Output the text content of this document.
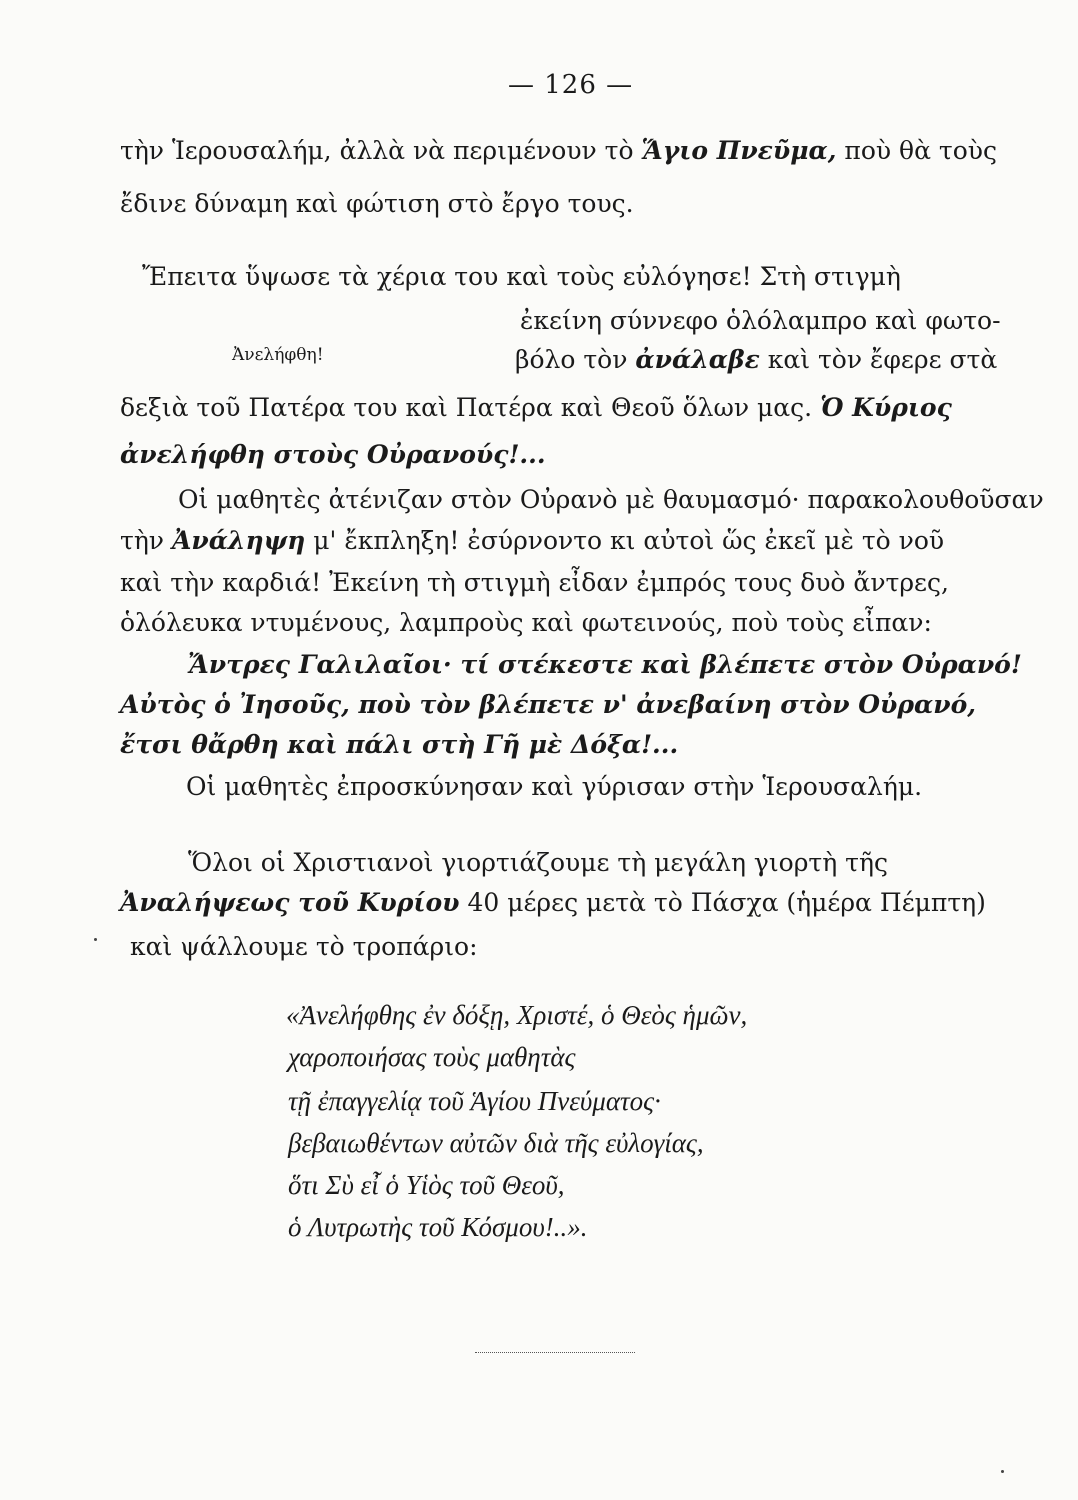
— 126 —
τὴν Ἱερουσαλήμ, ἀλλὰ νὰ περιμένουν τὸ Ἅγιο Πνεῦμα, ποὺ θὰ τοὺς
ἔδινε δύναμη καὶ φώτιση στὸ ἔργο τους.
Ἔπειτα ὕψωσε τὰ χέρια του καὶ τοὺς εὐλόγησε! Στὴ στιγμὴ
ἐκείνη σύννεφο ὁλόλαμπρο καὶ φωτο-
Ἀνελήφθη!	βόλο τὸν ἀνάλαβε καὶ τὸν ἔφερε στὰ
δεξιὰ τοῦ Πατέρα του καὶ Πατέρα καὶ Θεοῦ ὅλων μας. Ὁ Κύριος
ἀνελήφθη στοὺς Οὐρανούς!...
Οἱ μαθητὲς ἀτένιζαν στὸν Οὐρανὸ μὲ θαυμασμό· παρακολουθοῦσαν
τὴν Ἀνάληψη μ' ἔκπληξη! ἐσύρνοντο κι αὐτοὶ ὥς ἐκεῖ μὲ τὸ νοῦ
καὶ τὴν καρδιά! Ἐκείνη τὴ στιγμὴ εἶδαν ἐμπρός τους δυὸ ἄντρες,
ὁλόλευκα ντυμένους, λαμπροὺς καὶ φωτεινούς, ποὺ τοὺς εἶπαν:
Ἄντρες Γαλιλαῖοι· τί στέκεστε καὶ βλέπετε στὸν Οὐρανό!
Αὐτὸς ὁ Ἰησοῦς, ποὺ τὸν βλέπετε ν' ἀνεβαίνη στὸν Οὐρανό,
ἔτσι θἄρθη καὶ πάλι στὴ Γῆ μὲ Δόξα!...
Οἱ μαθητὲς ἐπροσκύνησαν καὶ γύρισαν στὴν Ἱερουσαλήμ.
Ὅλοι οἱ Χριστιανοὶ γιορτιάζουμε τὴ μεγάλη γιορτὴ τῆς
Ἀναλήψεως τοῦ Κυρίου 40 μέρες μετὰ τὸ Πάσχα (ἡμέρα Πέμπτη)
καὶ ψάλλουμε τὸ τροπάριο:
«Ἀνελήφθης ἐν δόξῃ, Χριστέ, ὁ Θεὸς ἡμῶν,
χαροποιήσας τοὺς μαθητὰς
τῇ ἐπαγγελίᾳ τοῦ Ἁγίου Πνεύματος·
βεβαιωθέντων αὐτῶν διὰ τῆς εὐλογίας,
ὅτι Σὺ εἶ ὁ Υἱὸς τοῦ Θεοῦ,
ὁ Λυτρωτὴς τοῦ Κόσμου!..».
